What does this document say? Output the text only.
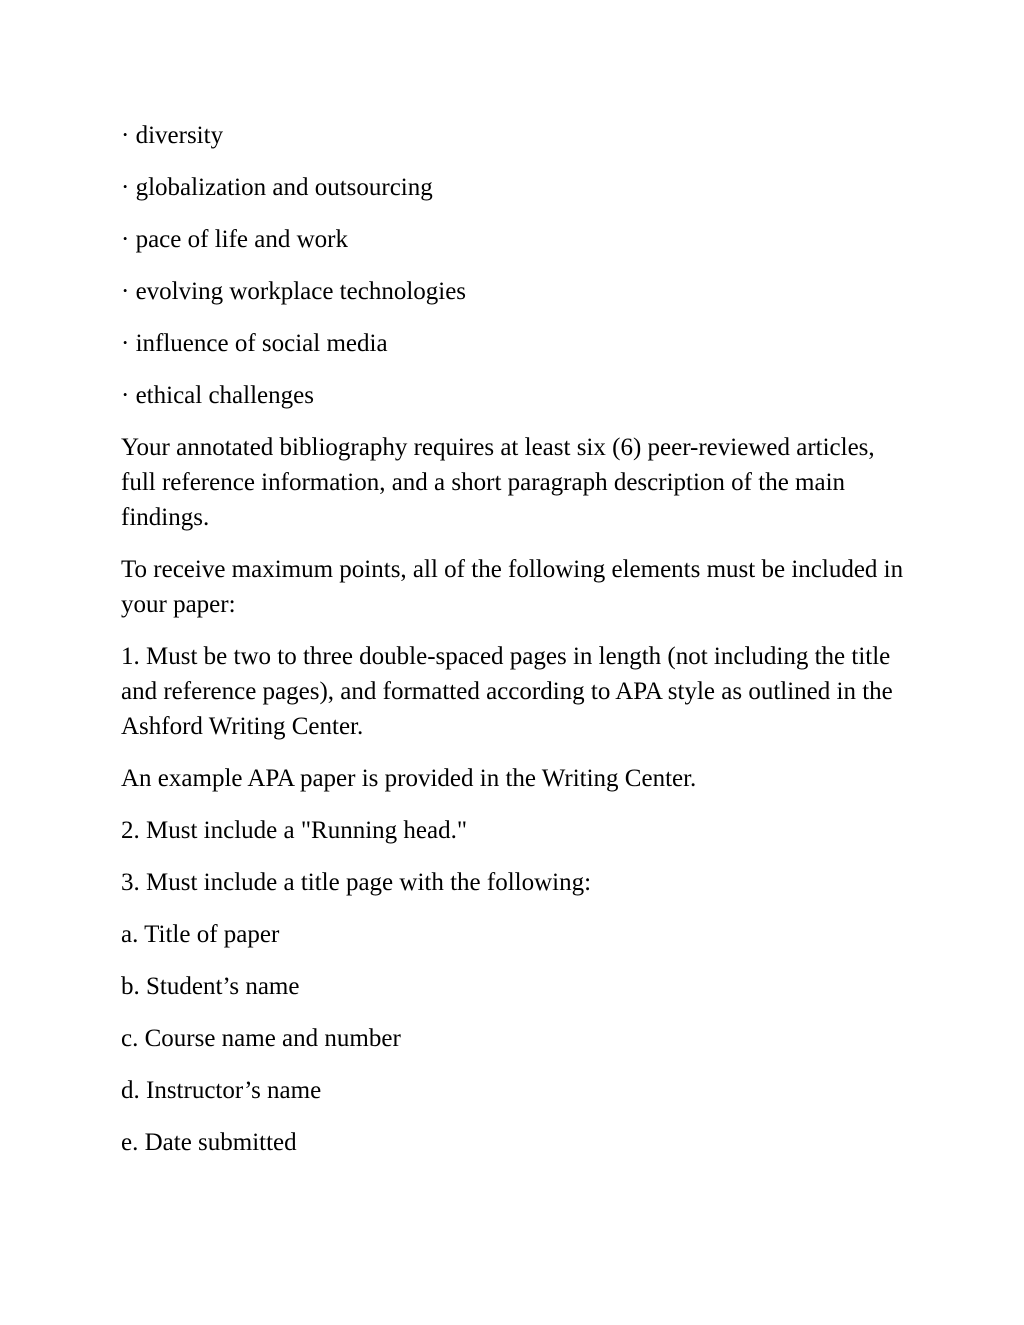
· diversity

· globalization and outsourcing

· pace of life and work

· evolving workplace technologies

· influence of social media

· ethical challenges

Your annotated bibliography requires at least six (6) peer-reviewed articles, full reference information, and a short paragraph description of the main findings.

To receive maximum points, all of the following elements must be included in your paper:

1. Must be two to three double-spaced pages in length (not including the title and reference pages), and formatted according to APA style as outlined in the Ashford Writing Center.

An example APA paper is provided in the Writing Center.

2. Must include a "Running head."

3. Must include a title page with the following:

a. Title of paper

b. Student’s name

c. Course name and number

d. Instructor’s name

e. Date submitted
